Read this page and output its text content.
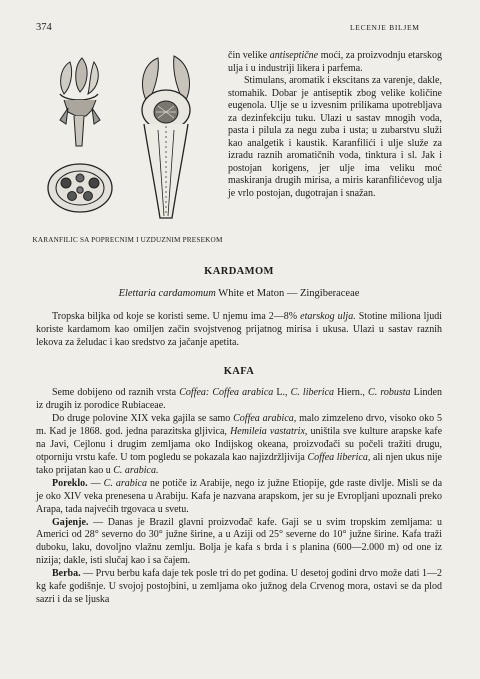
374	LECENJE BILJEM
KARANFILIC SA POPRECNIM I UZDUZNIM PRESEKOM

čin velike antiseptične moći, za proizvodnju etarskog ulja i u industriji likera i parfema.

Stimulans, aromatik i ekscitans za varenje, dakle, stomahik. Dobar je antiseptik zbog velike količine eugenola. Ulje se u izvesnim prilikama upotrebljava za dezinfekciju tuku. Ulazi u sastav mnogih voda, pasta i pilula za negu zuba i usta; u zubarstvu služi kao analgetik i kaustik. Karanfilići i ulje služe za izradu raznih aromatičnih voda, tinktura i sl. Jak i postojan korigens, jer ulje ima veliku moć maskiranja drugih mirisa, a miris karanfilićevog ulja je vrlo postojan, dugotrajan i snažan.

KARDAMOM
Elettaria cardamomum White et Maton — Zingiberaceae

Tropska biljka od koje se koristi seme. U njemu ima 2—8% etarskog ulja. Stotine miliona ljudi koriste kardamom kao omiljen začin svojstvenog prijatnog mirisa i ukusa. Ulazi u sastav raznih lekova za želudac i kao sredstvo za jačanje apetita.

KAFA

Seme dobijeno od raznih vrsta Coffea: Coffea arabica L., C. liberica Hiern., C. robusta Linden iz drugih iz porodice Rubiaceae.

Do druge polovine XIX veka gajila se samo Coffea arabica, malo zimzeleno drvo, visoko oko 5 m. Kad je 1868. god. jedna parazitska gljivica, Hemileia vastatrix, uništila sve kulture arapske kafe na Javi, Cejlonu i drugim zemljama oko Indijskog okeana, proizvođači su počeli tražiti drugu, otporniju vrstu kafe. U tom pogledu se pokazala kao najizdržljivija Coffea liberica, ali njen ukus nije tako prijatan kao u C. arabica.

Poreklo. — C. arabica ne potiče iz Arabije, nego iz južne Etiopije, gde raste divlje. Misli se da je oko XIV veka prenesena u Arabiju. Kafa je nazvana arapskom, jer su je Evropljani upoznali preko Arapa, tada najvećih trgovaca u svetu.

Gajenje. — Danas je Brazil glavni proizvođač kafe. Gaji se u svim tropskim zemljama: u Americi od 28° severno do 30° južne širine, a u Aziji od 25° severne do 10° južne širine. Kafa traži duboku, laku, dovoljno vlažnu zemlju. Bolja je kafa s brda i s planina (600—2.000 m) od one iz nizija; dakle, isti slučaj kao i sa čajem.

Berba. — Prvu berbu kafa daje tek posle tri do pet godina. U desetoj godini drvo može dati 1—2 kg kafe godišnje. U svojoj postojbini, u zemljama oko južnog dela Crvenog mora, ostavi se da plod sazri i da se ljuska
